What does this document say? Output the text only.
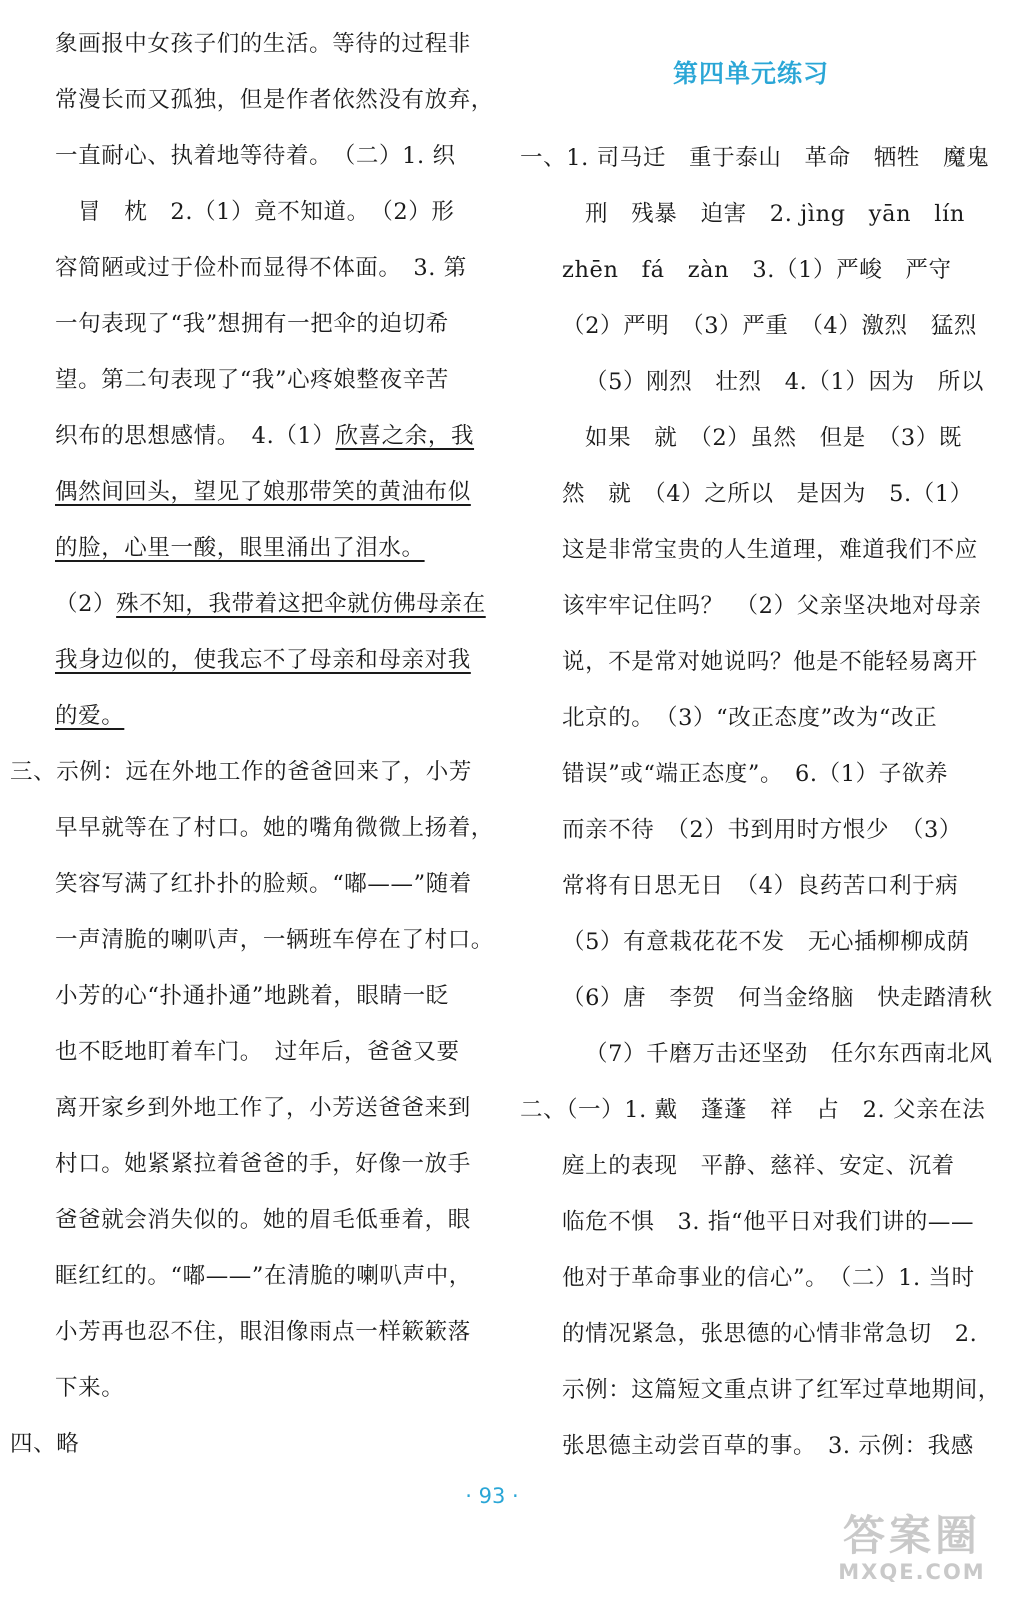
象画报中女孩子们的生活。等待的过程非
常漫长而又孤独，但是作者依然没有放弃，
一直耐心、执着地等待着。　（二）1. 织
冒　枕　2.（1）竟不知道。　（2）形
容简陋或过于俭朴而显得不体面。　3. 第
一句表现了“我”想拥有一把伞的迫切希
望。第二句表现了“我”心疼娘整夜辛苦
织布的思想感情。　4.（1）欣喜之余，我
偶然间回头，望见了娘那带笑的黄油布似
的脸，心里一酸，眼里涌出了泪水。
（2）殊不知，我带着这把伞就仿佛母亲在
我身边似的，使我忘不了母亲和母亲对我
的爱。
三、示例：远在外地工作的爸爸回来了，小芳
早早就等在了村口。她的嘴角微微上扬着，
笑容写满了红扑扑的脸颊。“嘟——”随着
一声清脆的喇叭声，一辆班车停在了村口。
小芳的心“扑通扑通”地跳着，眼睛一眨
也不眨地盯着车门。　过年后，爸爸又要
离开家乡到外地工作了，小芳送爸爸来到
村口。她紧紧拉着爸爸的手，好像一放手
爸爸就会消失似的。她的眉毛低垂着，眼
眶红红的。“嘟——”在清脆的喇叭声中，
小芳再也忍不住，眼泪像雨点一样簌簌落
下来。
四、略
第四单元练习
一、1. 司马迁　重于泰山　革命　牺牲　魔鬼
刑　残暴　迫害　2. jìng　yān　lín
zhēn　fá　zàn　3.（1）严峻　严守
（2）严明　（3）严重　（4）激烈　猛烈
（5）刚烈　壮烈　4.（1）因为　所以
如果　就　（2）虽然　但是　（3）既
然　就　（4）之所以　是因为　5.（1）
这是非常宝贵的人生道理，难道我们不应
该牢牢记住吗？　（2）父亲坚决地对母亲
说，不是常对她说吗？他是不能轻易离开
北京的。　（3）“改正态度”改为“改正
错误”或“端正态度”。　6.（1）子欲养
而亲不待　（2）书到用时方恨少　（3）
常将有日思无日　（4）良药苦口利于病
（5）有意栽花花不发　无心插柳柳成荫
（6）唐　李贺　何当金络脑　快走踏清秋
（7）千磨万击还坚劲　任尔东西南北风
二、（一）1. 戴　蓬蓬　祥　占　2. 父亲在法
庭上的表现　平静、慈祥、安定、沉着
临危不惧　3. 指“他平日对我们讲的——
他对于革命事业的信心”。　（二）1. 当时
的情况紧急，张思德的心情非常急切　2.
示例：这篇短文重点讲了红军过草地期间，
张思德主动尝百草的事。　3. 示例：我感
· 93 ·
答案圈
MXQE.COM
